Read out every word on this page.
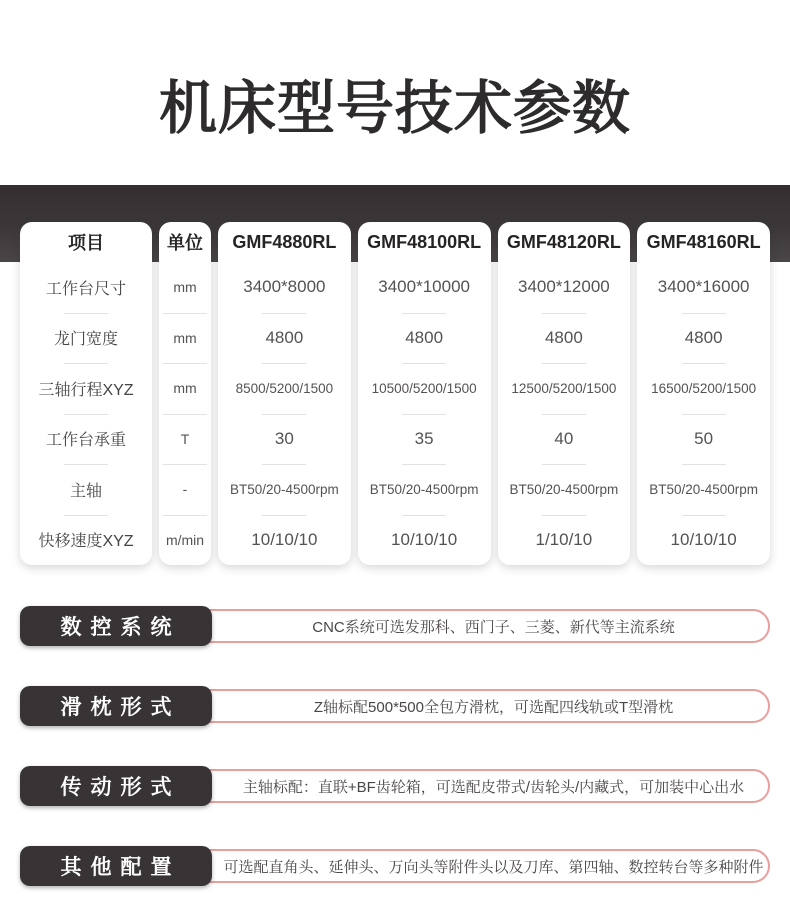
机床型号技术参数
项目
工作台尺寸
龙门宽度
三轴行程XYZ
工作台承重
主轴
快移速度XYZ
单位
mm
mm
mm
T
-
m/min
GMF4880RL
3400*8000
4800
8500/5200/1500
30
BT50/20-4500rpm
10/10/10
GMF48100RL
3400*10000
4800
10500/5200/1500
35
BT50/20-4500rpm
10/10/10
GMF48120RL
3400*12000
4800
12500/5200/1500
40
BT50/20-4500rpm
1/10/10
GMF48160RL
3400*16000
4800
16500/5200/1500
50
BT50/20-4500rpm
10/10/10
CNC系统可选发那科、西门子、三菱、新代等主流系统
数控系统
Z轴标配500*500全包方滑枕，可选配四线轨或T型滑枕
滑枕形式
主轴标配：直联+BF齿轮箱，可选配皮带式/齿轮头/内藏式，可加装中心出水
传动形式
可选配直角头、延伸头、万向头等附件头以及刀库、第四轴、数控转台等多种附件
其他配置
